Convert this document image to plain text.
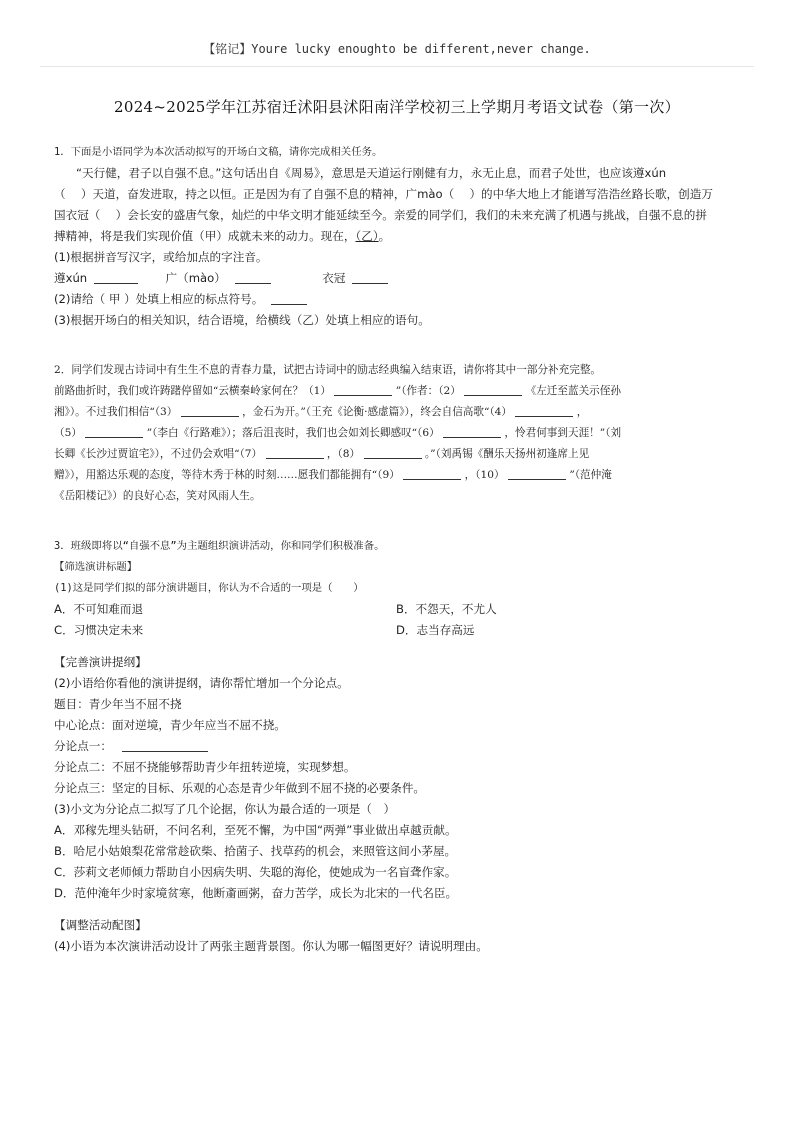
【铭记】Youre lucky enoughto be different,never change.
2024~2025学年江苏宿迁沭阳县沭阳南洋学校初三上学期月考语文试卷（第一次）
1．下面是小语同学为本次活动拟写的开场白文稿，请你完成相关任务。
“天行健，君子以自强不息。”这句话出自《周易》，意思是天道运行刚健有力，永无止息，而君子处世，也应该遵xún
（　 ）天道，奋发进取，持之以恒。正是因为有了自强不息的精神，广mào（　 ）的中华大地上才能谱写浩浩丝路长歌，创造万
国衣冠（　 ）会长安的盛唐气象，灿烂的中华文明才能延续至今。亲爱的同学们，我们的未来充满了机遇与挑战，自强不息的拼
搏精神，将是我们实现价值（甲）成就未来的动力。现在，（乙）。
(1)根据拼音写汉字，或给加点的字注音。
遵xún	广（mào）	衣冠
(2)请给（ 甲 ）处填上相应的标点符号。
(3)根据开场白的相关知识，结合语境，给横线（乙）处填上相应的语句。
2．同学们发现古诗词中有生生不息的青春力量，试把古诗词中的励志经典编入结束语，请你将其中一部分补充完整。
前路曲折时，我们或许踌躇停留如“云横秦岭家何在？（1）	”（作者：（2）	《左迁至蓝关示侄孙
湘》）。不过我们相信“（3）	，金石为开。”（王充《论衡·感虚篇》），终会自信高歌“（4）	，
（5）	”（李白《行路难》）；落后沮丧时，我们也会如刘长卿感叹“（6）	，怜君何事到天涯！”（刘
长卿《长沙过贾谊宅》），不过仍会欢唱“（7）	，（8）	。”（刘禹锡《酬乐天扬州初逢席上见
赠》），用豁达乐观的态度，等待木秀于林的时刻……愿我们都能拥有“（9）	，（10）	”（范仲淹
《岳阳楼记》）的良好心态，笑对风雨人生。
3．班级即将以“自强不息”为主题组织演讲活动，你和同学们积极准备。
【筛选演讲标题】
(1)这是同学们拟的部分演讲题目，你认为不合适的一项是（　　）
A．不可知难而退	B．不怨天，不尤人
C．习惯决定未来	D．志当存高远
【完善演讲提纲】
(2)小语给你看他的演讲提纲，请你帮忙增加一个分论点。
题目：青少年当不屈不挠
中心论点：面对逆境，青少年应当不屈不挠。
分论点一：
分论点二：不屈不挠能够帮助青少年扭转逆境，实现梦想。
分论点三：坚定的目标、乐观的心态是青少年做到不屈不挠的必要条件。
(3)小文为分论点二拟写了几个论据，你认为最合适的一项是（　）
A．邓稼先埋头钻研，不问名利，至死不懈，为中国“两弹”事业做出卓越贡献。
B．哈尼小姑娘梨花常常趁砍柴、拾菌子、找草药的机会，来照管这间小茅屋。
C．莎莉文老师倾力帮助自小因病失明、失聪的海伦，使她成为一名盲聋作家。
D．范仲淹年少时家境贫寒，他断齑画粥，奋力苦学，成长为北宋的一代名臣。
【调整活动配图】
(4)小语为本次演讲活动设计了两张主题背景图。你认为哪一幅图更好？请说明理由。
